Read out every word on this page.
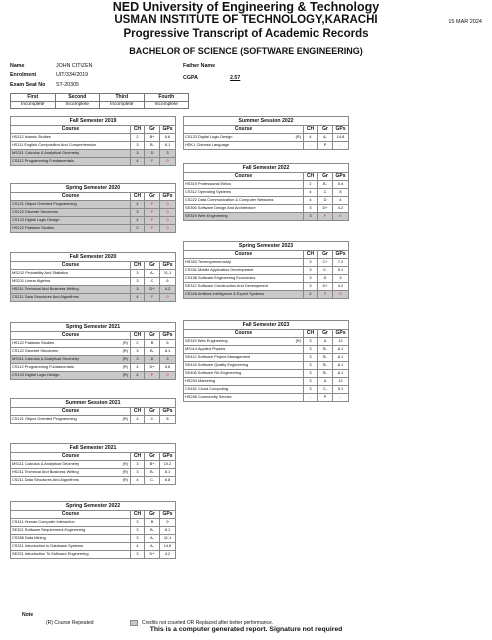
NED University of Engineering & Technology
USMAN INSTITUTE OF TECHNOLOGY,KARACHI
Progressive Transcript of Academic Records
BACHELOR OF SCIENCE (SOFTWARE ENGINEERING)
15 MAR 2024
Name	JOHN CITIZEN
Enrolment	UIT/334/2019
Exam Seat No ST-20305
Father Name
CGPA	2.57
First	Second	Third	Fourth
Incomplete	Incomplete	Incomplete	Incomplete
Fall Semester 2019			
Course	CH	Gr	GPs
HS112 Islamic Studies	2	B+	6.6
HS111 English Composition And Comprehension	3	B-	8.1
MS111 Calculus & Analytical Geometry	3	D	3
CS112 Programming Fundamentals	4	F	0
Spring Semester 2020			
Course	CH	Gr	GPs
CS121 Object Oriented Programming	4	F	0
CS122 Discrete Structures	3	F	0
CS123 Digital Logic Design	4	F	0
HS122 Pakistan Studies	2	F	0
Fall Semester 2020			
Course	CH	Gr	GPs
MS212 Probability And Statistics	3	A-	11.1
MS211 Linear Algebra	3	C	6
HS211 Technical And Business Writing	3	D+	4.2
CS211 Data Structures And Algorithms	4	F	0
Spring Semester 2021			
Course	CH	Gr	GPs
HS122 Pakistan Studies (R)	2	B	6
CS122 Discrete Structures (R)	3	B-	8.1
MS111 Calculus & Analytical Geometry (R)	3	D	3
CS112 Programming Fundamentals (R)	4	D+	5.6
CS123 Digital Logic Design (R)	4	F	0
Summer Session 2021			
Course	CH	Gr	GPs
CS121 Object Oriented Programming (R)	4	C	8
Fall Semester 2021			
Course	CH	Gr	GPs
MS111 Calculus & Analytical Geometry (R)	3	B+	10.2
HS211 Technical And Business Writing (R)	3	B-	8.1
CS211 Data Structures And Algorithms (R)	4	C-	6.8
Spring Semester 2022			
Course	CH	Gr	GPs
CS411 Human Computer Interaction	3	B	9
SE321 Software Requirement Engineering	3	B-	8.1
CS356 Data Mining	3	A-	11.1
CS311 Introduction to Database Systems	4	A-	14.8
SE221 Introduction To Software Engineering	3	D+	4.2
Summer Session 2022			
Course	CH	Gr	GPs
CS123 Digital Logic Design (R)	4	A-	14.8
HSK-I Chinese Language	-	P	-
Fall Semester 2022			
Course	CH	Gr	GPs
HS319 Professional Ethics	2	B-	5.4
CS312 Operating Systems	4	C	8
CS222 Data Communication & Computer Networks	4	D	4
SE306 Software Design And Architecture	3	D+	4.2
SE319 Web Engineering	3	F	0
Spring Semester 2023			
Course	CH	Gr	GPs
HS353 Technopreneurship	3	C+	7.2
CS331 Mobile Application Development	3	C-	5.1
CS436 Software Engineering Economics	3	D	3
SE312 Software Construction And Development	3	D+	4.2
CS326 Artificial Intelligence & Expert Systems	4	F	0
Fall Semester 2023			
Course	CH	Gr	GPs
SE319 Web Engineering (R)	3	A	12
MS114 Applied Physics	3	B-	8.1
SE412 Software Project Management	3	B-	8.1
SE418 Software Quality Engineering	3	B-	8.1
SE406 Software Re-Engineering	3	B-	8.1
HS253 Marketing	3	A	12
CS451 Cloud Computing	3	C-	5.1
HS258 Community Service	-	P	-
Note
(R) Course Repeated	Credits not counted OR Replaced after better performance.
This is a computer generated report. Signature not required
